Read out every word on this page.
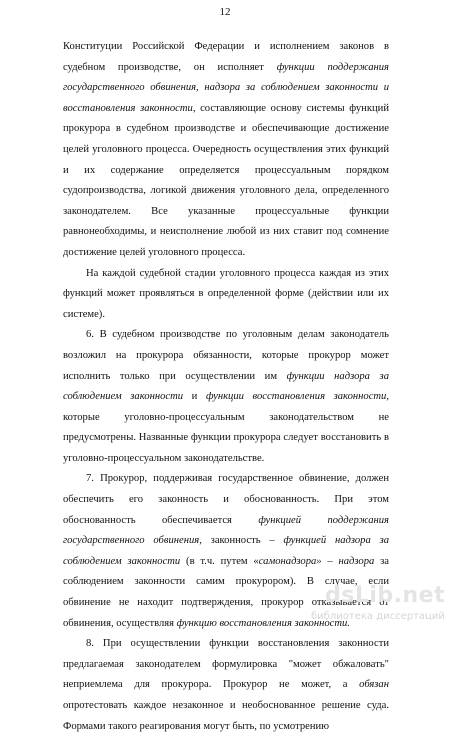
12

Конституции Российской Федерации и исполнением законов в судебном производстве, он исполняет функции поддержания государственного обвинения, надзора за соблюдением законности и восстановления законности, составляющие основу системы функций прокурора в судебном производстве и обеспечивающие достижение целей уголовного процесса. Очередность осуществления этих функций и их содержание определяется процессуальным порядком судопроизводства, логикой движения уголовного дела, определенного законодателем. Все указанные процессуальные функции равнонеобходимы, и неисполнение любой из них ставит под сомнение достижение целей уголовного процесса.

На каждой судебной стадии уголовного процесса каждая из этих функций может проявляться в определенной форме (действии или их системе).

6. В судебном производстве по уголовным делам законодатель возложил на прокурора обязанности, которые прокурор может исполнить только при осуществлении им функции надзора за соблюдением законности и функции восстановления законности, которые уголовно-процессуальным законодательством не предусмотрены. Названные функции прокурора следует восстановить в уголовно-процессуальном законодательстве.

7. Прокурор, поддерживая государственное обвинение, должен обеспечить его законность и обоснованность. При этом обоснованность обеспечивается функцией поддержания государственного обвинения, законность – функцией надзора за соблюдением законности (в т.ч. путем «самонадзора» – надзора за соблюдением законности самим прокурором). В случае, если обвинение не находит подтверждения, прокурор отказывается от обвинения, осуществляя функцию восстановления законности.

8. При осуществлении функции восстановления законности предлагаемая законодателем формулировка "может обжаловать" неприемлема для прокурора. Прокурор не может, а обязан опротестовать каждое незаконное и необоснованное решение суда. Формами такого реагирования могут быть, по усмотрению

dsLib.net
библиотека диссертаций
